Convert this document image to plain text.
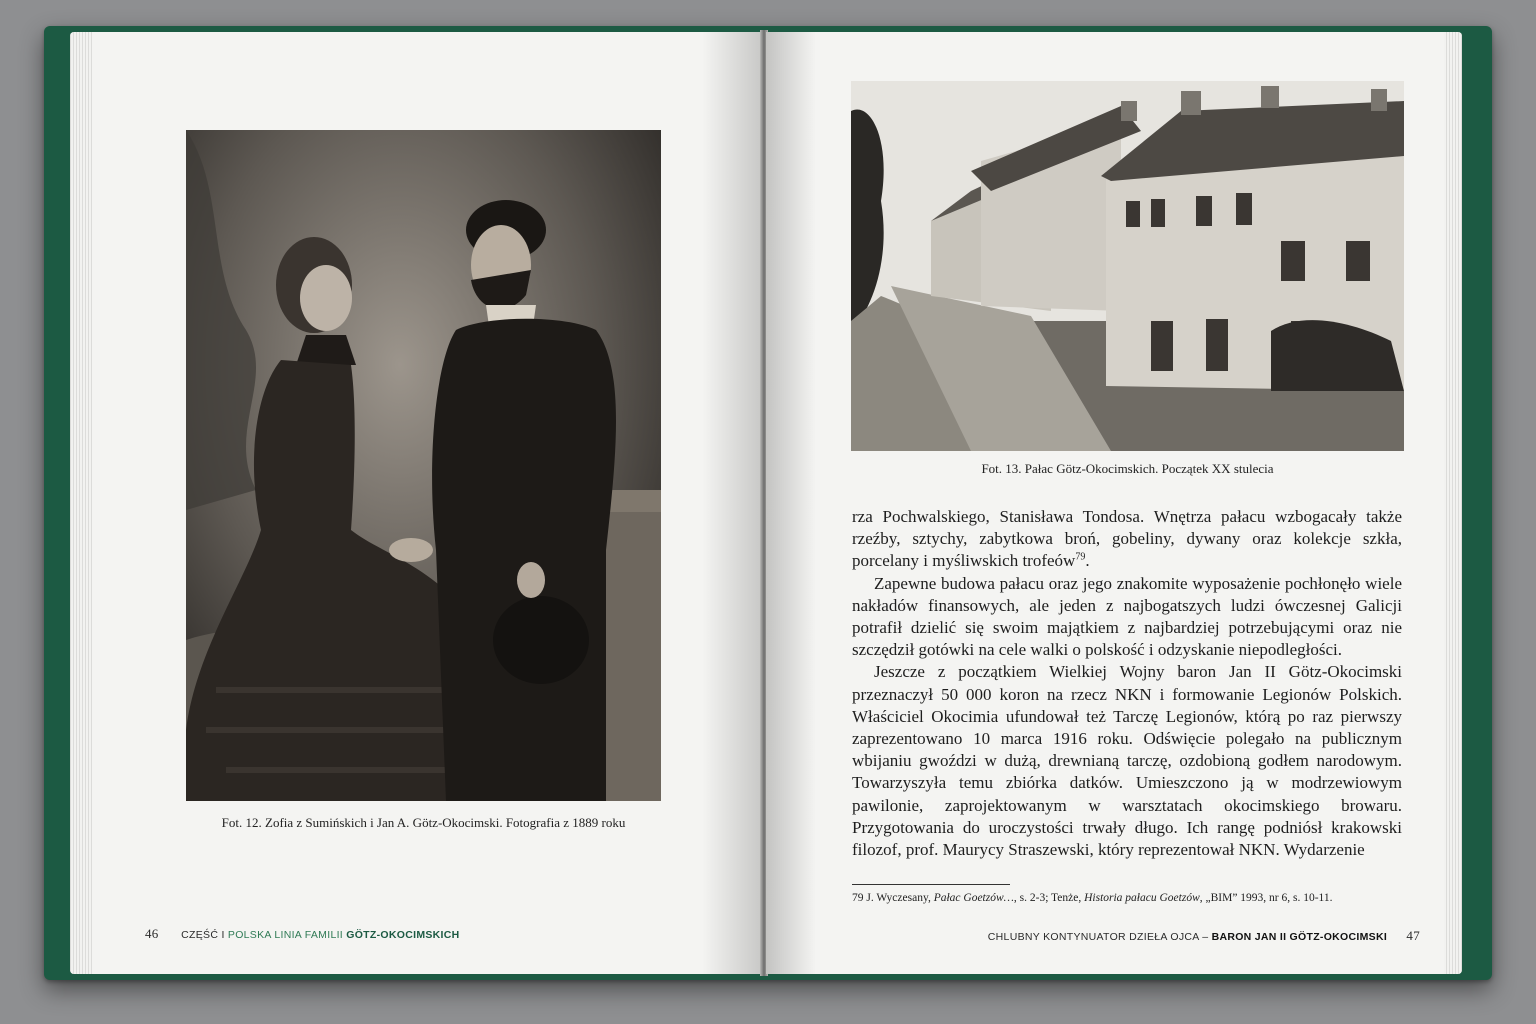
Fot. 12. Zofia z Sumińskich i Jan A. Götz-Okocimski. Fotografia z 1889 roku
46 CZĘŚĆ I POLSKA LINIA FAMILII GÖTZ-OKOCIMSKICH
Fot. 13. Pałac Götz-Okocimskich. Początek XX stulecia

rza Pochwalskiego, Stanisława Tondosa. Wnętrza pałacu wzbogacały także rzeźby, sztychy, zabytkowa broń, gobeliny, dywany oraz kolekcje szkła, porcelany i myśliwskich trofeów$^{79}$.

Zapewne budowa pałacu oraz jego znakomite wyposażenie pochłonęło wiele nakładów finansowych, ale jeden z najbogatszych ludzi ówczesnej Galicji potrafił dzielić się swoim majątkiem z najbardziej potrzebującymi oraz nie szczędził gotówki na cele walki o polskość i odzyskanie niepodległości.

Jeszcze z początkiem Wielkiej Wojny baron Jan II Götz-Okocimski przeznaczył 50 000 koron na rzecz NKN i formowanie Legionów Polskich. Właściciel Okocimia ufundował też Tarczę Legionów, którą po raz pierwszy zaprezentowano 10 marca 1916 roku. Odświęcie polegało na publicznym wbijaniu gwoździ w dużą, drewnianą tarczę, ozdobioną godłem narodowym. Towarzyszyła temu zbiórka datków. Umieszczono ją w modrzewiowym pawilonie, zaprojektowanym w warsztatach okocimskiego browaru. Przygotowania do uroczystości trwały długo. Ich rangę podniósł krakowski filozof, prof. Maurycy Straszewski, który reprezentował NKN. Wydarzenie

79 J. Wyczesany, Pałac Goetzów…, s. 2-3; Tenże, Historia pałacu Goetzów, „BIM” 1993, nr 6, s. 10-11.
CHLUBNY KONTYNUATOR DZIEŁA OJCA – BARON JAN II GÖTZ-OKOCIMSKI 47
